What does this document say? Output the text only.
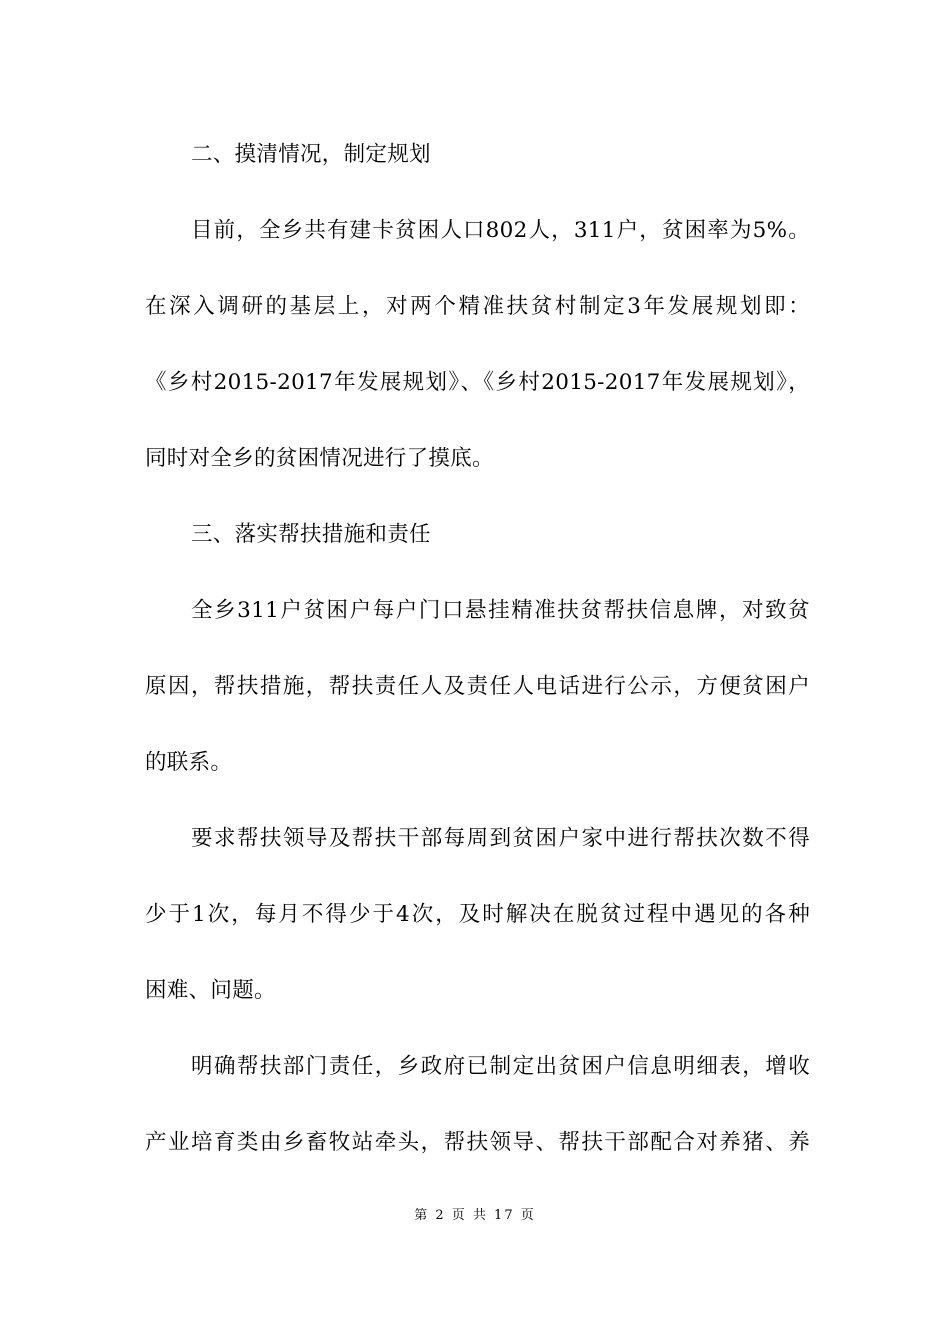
二、摸清情况，制定规划
目前，全乡共有建卡贫困人口802人，311户，贫困率为5%。
在深入调研的基层上，对两个精准扶贫村制定3年发展规划即：
《乡村2015-2017年发展规划》、《乡村2015-2017年发展规划》，
同时对全乡的贫困情况进行了摸底。
三、落实帮扶措施和责任
全乡311户贫困户每户门口悬挂精准扶贫帮扶信息牌，对致贫
原因，帮扶措施，帮扶责任人及责任人电话进行公示，方便贫困户
的联系。
要求帮扶领导及帮扶干部每周到贫困户家中进行帮扶次数不得
少于1次，每月不得少于4次，及时解决在脱贫过程中遇见的各种
困难、问题。
明确帮扶部门责任，乡政府已制定出贫困户信息明细表，增收
产业培育类由乡畜牧站牵头，帮扶领导、帮扶干部配合对养猪、养
第 2 页 共 17 页
